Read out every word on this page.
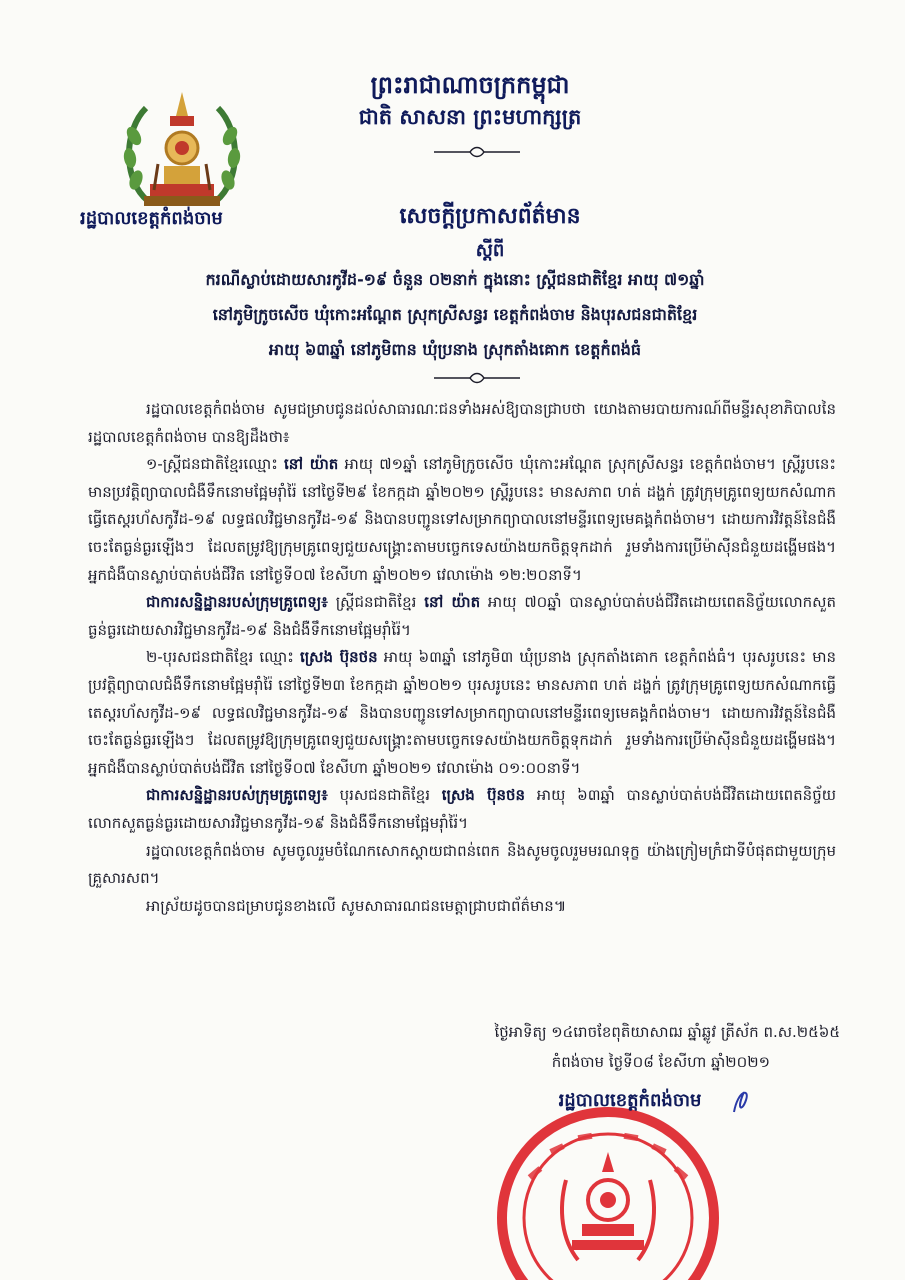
ព្រះរាជាណាចក្រកម្ពុជា
ជាតិ សាសនា ព្រះមហាក្សត្រ
រដ្ឋបាលខេត្តកំពង់ចាម	សេចក្តីប្រកាសព័ត៌មាន
ស្តីពី
ករណីស្លាប់ដោយសារកូវីដ-១៩ ចំនួន ០២នាក់ ក្នុងនោះ ស្ត្រីជនជាតិខ្មែរ អាយុ ៧១ឆ្នាំ
នៅភូមិក្រូចសើច ឃុំកោះអណ្តែត ស្រុកស្រីសន្ធរ ខេត្តកំពង់ចាម និងបុរសជនជាតិខ្មែរ
អាយុ ៦៣ឆ្នាំ នៅភូមិពាន ឃុំប្រនាង ស្រុកតាំងគោក ខេត្តកំពង់ធំ

រដ្ឋបាលខេត្តកំពង់ចាម សូមជម្រាបជូនដល់សាធារណៈជនទាំងអស់ឱ្យបានជ្រាបថា យោងតាមរបាយការណ៍ពីមន្ទីរសុខាភិបាលនៃរដ្ឋបាលខេត្តកំពង់ចាម បានឱ្យដឹងថា៖

១-ស្ត្រីជនជាតិខ្មែរឈ្មោះ នៅ យ៉ាត អាយុ ៧១ឆ្នាំ នៅភូមិក្រូចសើច ឃុំកោះអណ្តែត ស្រុកស្រីសន្ធរ ខេត្តកំពង់ចាម។ ស្ត្រីរូបនេះ មានប្រវត្តិព្យាបាលជំងឺទឹកនោមផ្អែមរ៉ាំរ៉ៃ នៅថ្ងៃទី២៩ ខែកក្កដា ឆ្នាំ២០២១ ស្ត្រីរូបនេះ មានសភាព ហត់ ដង្ហក់ ត្រូវក្រុមគ្រូពេទ្យយកសំណាកធ្វើតេស្តរហ័សកូវីដ-១៩ លទ្ធផលវិជ្ជមានកូវីដ-១៩ និងបានបញ្ជូនទៅសម្រាកព្យាបាលនៅមន្ទីរពេទ្យមេគង្គកំពង់ចាម។ ដោយការវិវត្តន៍នៃជំងឺចេះតែធ្ងន់ធ្ងរឡើងៗ ដែលតម្រូវឱ្យក្រុមគ្រូពេទ្យជួយសង្គ្រោះតាមបច្ចេកទេសយ៉ាងយកចិត្តទុកដាក់ រួមទាំងការប្រើម៉ាស៊ីនជំនួយដង្ហើមផង។ អ្នកជំងឺបានស្លាប់បាត់បង់ជីវិត នៅថ្ងៃទី០៧ ខែសីហា ឆ្នាំ២០២១ វេលាម៉ោង ១២:២០នាទី។

ជាការសន្និដ្ឋានរបស់ក្រុមគ្រូពេទ្យ៖ ស្ត្រីជនជាតិខ្មែរ នៅ យ៉ាត អាយុ ៧០ឆ្នាំ បានស្លាប់បាត់បង់ជីវិតដោយពេតនិច្ច័យលោកសួតធ្ងន់ធ្ងរដោយសារវិជ្ជមានកូវីដ-១៩ និងជំងឺទឹកនោមផ្អែមរ៉ាំរ៉ៃ។

២-បុរសជនជាតិខ្មែរ ឈ្មោះ ស្រេង ប៊ុនថន អាយុ ៦៣ឆ្នាំ នៅភូមិ៣ ឃុំប្រនាង ស្រុកតាំងគោក ខេត្តកំពង់ធំ។ បុរសរូបនេះ មានប្រវត្តិព្យាបាលជំងឺទឹកនោមផ្អែមរ៉ាំរ៉ៃ នៅថ្ងៃទី២៣ ខែកក្កដា ឆ្នាំ២០២១ បុរសរូបនេះ មានសភាព ហត់ ដង្ហក់ ត្រូវក្រុមគ្រូពេទ្យយកសំណាកធ្វើតេស្តរហ័សកូវីដ-១៩ លទ្ធផលវិជ្ជមានកូវីដ-១៩ និងបានបញ្ជូនទៅសម្រាកព្យាបាលនៅមន្ទីរពេទ្យមេគង្គកំពង់ចាម។ ដោយការវិវត្តន៍នៃជំងឺចេះតែធ្ងន់ធ្ងរឡើងៗ ដែលតម្រូវឱ្យក្រុមគ្រូពេទ្យជួយសង្គ្រោះតាមបច្ចេកទេសយ៉ាងយកចិត្តទុកដាក់ រួមទាំងការប្រើម៉ាស៊ីនជំនួយដង្ហើមផង។ អ្នកជំងឺបានស្លាប់បាត់បង់ជីវិត នៅថ្ងៃទី០៧ ខែសីហា ឆ្នាំ២០២១ វេលាម៉ោង ០១:០០នាទី។

ជាការសន្និដ្ឋានរបស់ក្រុមគ្រូពេទ្យ៖ បុរសជនជាតិខ្មែរ ស្រេង ប៊ុនថន អាយុ ៦៣ឆ្នាំ បានស្លាប់បាត់បង់ជីវិតដោយពេតនិច្ច័យលោកសួតធ្ងន់ធ្ងរដោយសារវិជ្ជមានកូវីដ-១៩ និងជំងឺទឹកនោមផ្អែមរ៉ាំរ៉ៃ។

រដ្ឋបាលខេត្តកំពង់ចាម សូមចូលរួមចំណែកសោកស្តាយជាពន់ពេក និងសូមចូលរួមមរណទុក្ខ យ៉ាងក្រៀមក្រំជាទីបំផុតជាមួយក្រុមគ្រួសារសព។

អាស្រ័យដូចបានជម្រាបជូនខាងលើ សូមសាធារណជនមេត្តាជ្រាបជាព័ត៌មាន៕

ថ្ងៃអាទិត្យ ១៤រោចខែពុតិយាសាឍ ឆ្នាំឆ្លូវ ត្រីស័ក ព.ស.២៥៦៥
កំពង់ចាម ថ្ងៃទី០៨ ខែសីហា ឆ្នាំ២០២១
រដ្ឋបាលខេត្តកំពង់ចាម
